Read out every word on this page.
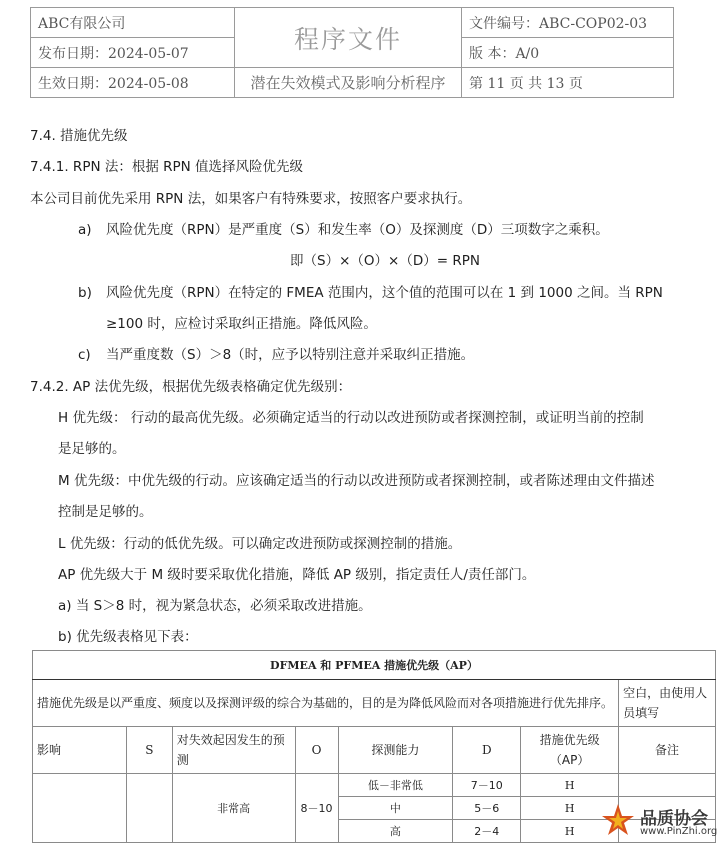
ABC有限公司	程序文件	文件编号：ABC-COP02-03
发布日期：2024-05-07		版 本：A/0
生效日期：2024-05-08	潜在失效模式及影响分析程序	第 11 页 共 13 页
7.4. 措施优先级
7.4.1. RPN 法：根据 RPN 值选择风险优先级
本公司目前优先采用 RPN 法，如果客户有特殊要求，按照客户要求执行。
a) 风险优先度（RPN）是严重度（S）和发生率（O）及探测度（D）三项数字之乘积。
即（S）×（O）×（D）= RPN
b) 风险优先度（RPN）在特定的 FMEA 范围内，这个值的范围可以在 1 到 1000 之间。当 RPN
≥100 时，应检讨采取纠正措施。降低风险。
c) 当严重度数（S）＞8（时，应予以特别注意并采取纠正措施。
7.4.2. AP 法优先级，根据优先级表格确定优先级别：
H 优先级： 行动的最高优先级。必须确定适当的行动以改进预防或者探测控制，或证明当前的控制
是足够的。
M 优先级：中优先级的行动。应该确定适当的行动以改进预防或者探测控制，或者陈述理由文件描述
控制是足够的。
L 优先级：行动的低优先级。可以确定改进预防或探测控制的措施。
AP 优先级大于 M 级时要采取优化措施，降低 AP 级别，指定责任人/责任部门。
a) 当 S＞8 时，视为紧急状态，必须采取改进措施。
b) 优先级表格见下表：
DFMEA 和 PFMEA 措施优先级（AP）							
措施优先级是以严重度、频度以及探测评级的综合为基础的，目的是为降低风险而对各项措施进行优先排序。							空白，由使用人员填写
影响	S	对失效起因发生的预测	O	探测能力	D	措施优先级（AP）	备注
		非常高	8－10	低－非常低	7－10	H	
				中	5－6	H	
				高	2－4	H	
品质协会
www.PinZhi.org
